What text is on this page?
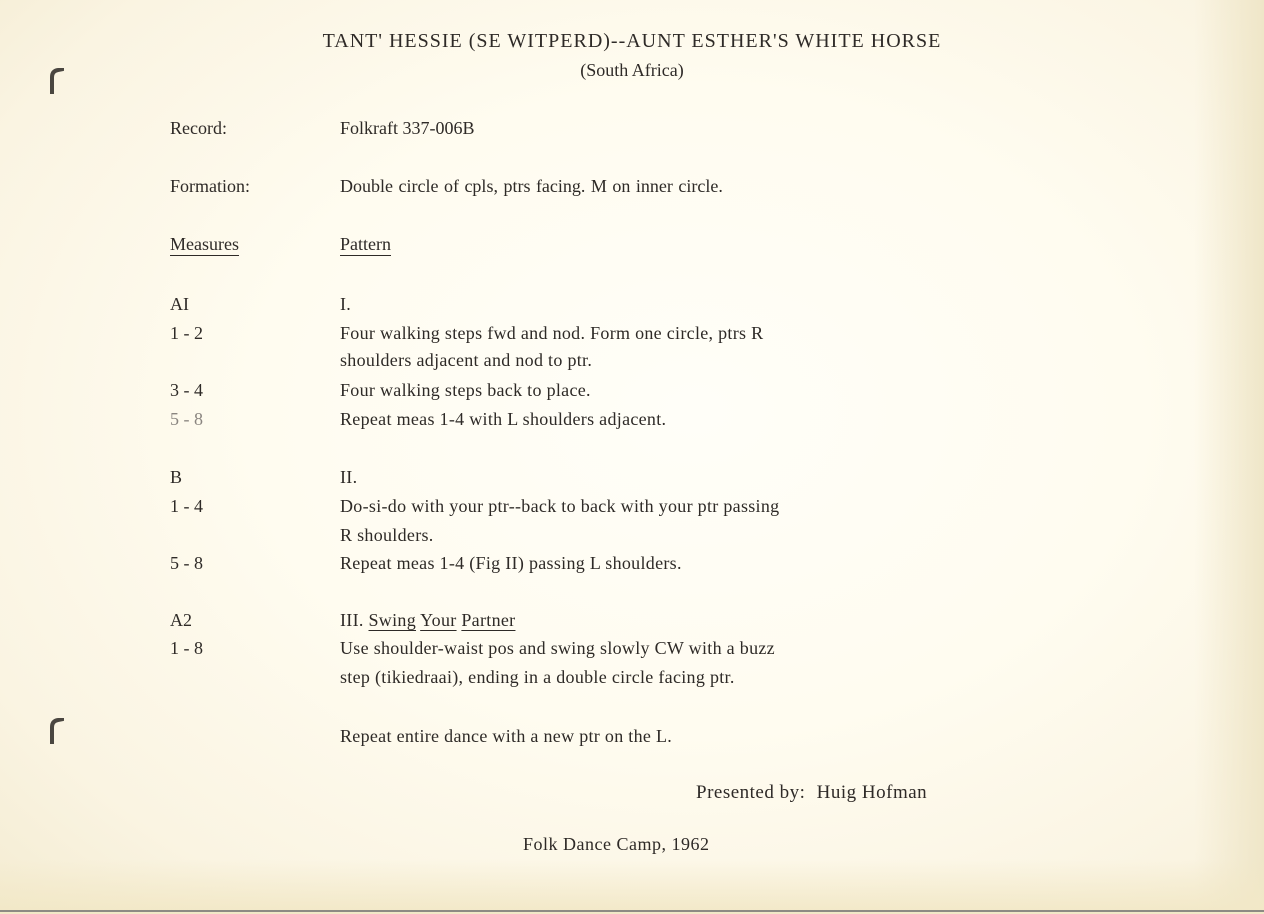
TANT' HESSIE (SE WITPERD)--AUNT ESTHER'S WHITE HORSE
(South Africa)
Record:	Folkraft 337-006B
Formation:	Double circle of cpls, ptrs facing. M on inner circle.
Measures	Pattern
AI	I.
1 - 2	Four walking steps fwd and nod. Form one circle, ptrs R
shoulders adjacent and nod to ptr.
3 - 4	Four walking steps back to place.
5 - 8	Repeat meas 1-4 with L shoulders adjacent.
B	II.
1 - 4	Do-si-do with your ptr--back to back with your ptr passing
R shoulders.
5 - 8	Repeat meas 1-4 (Fig II) passing L shoulders.
A2	III. Swing Your Partner
1 - 8	Use shoulder-waist pos and swing slowly CW with a buzz
step (tikiedraai), ending in a double circle facing ptr.
Repeat entire dance with a new ptr on the L.
Presented by: Huig Hofman
Folk Dance Camp, 1962
